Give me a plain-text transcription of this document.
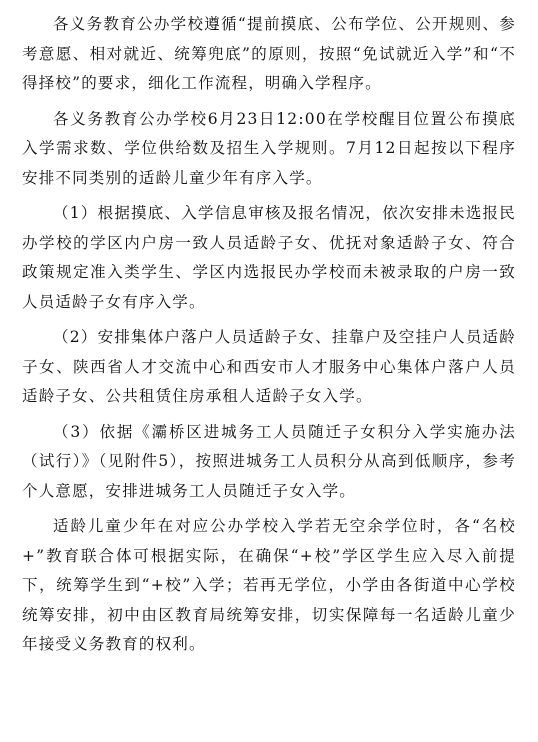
各义务教育公办学校遵循“提前摸底、公布学位、公开规则、参考意愿、相对就近、统筹兜底”的原则，按照“免试就近入学”和“不得择校”的要求，细化工作流程，明确入学程序。

各义务教育公办学校6月23日12:00在学校醒目位置公布摸底入学需求数、学位供给数及招生入学规则。7月12日起按以下程序安排不同类别的适龄儿童少年有序入学。

（1）根据摸底、入学信息审核及报名情况，依次安排未选报民办学校的学区内户房一致人员适龄子女、优抚对象适龄子女、符合政策规定准入类学生、学区内选报民办学校而未被录取的户房一致人员适龄子女有序入学。

（2）安排集体户落户人员适龄子女、挂靠户及空挂户人员适龄子女、陕西省人才交流中心和西安市人才服务中心集体户落户人员适龄子女、公共租赁住房承租人适龄子女入学。

（3）依据《灞桥区进城务工人员随迁子女积分入学实施办法（试行）》（见附件5），按照进城务工人员积分从高到低顺序，参考个人意愿，安排进城务工人员随迁子女入学。

适龄儿童少年在对应公办学校入学若无空余学位时，各“名校+”教育联合体可根据实际，在确保“+校”学区学生应入尽入前提下，统筹学生到“+校”入学；若再无学位，小学由各街道中心学校统筹安排，初中由区教育局统筹安排，切实保障每一名适龄儿童少年接受义务教育的权利。
